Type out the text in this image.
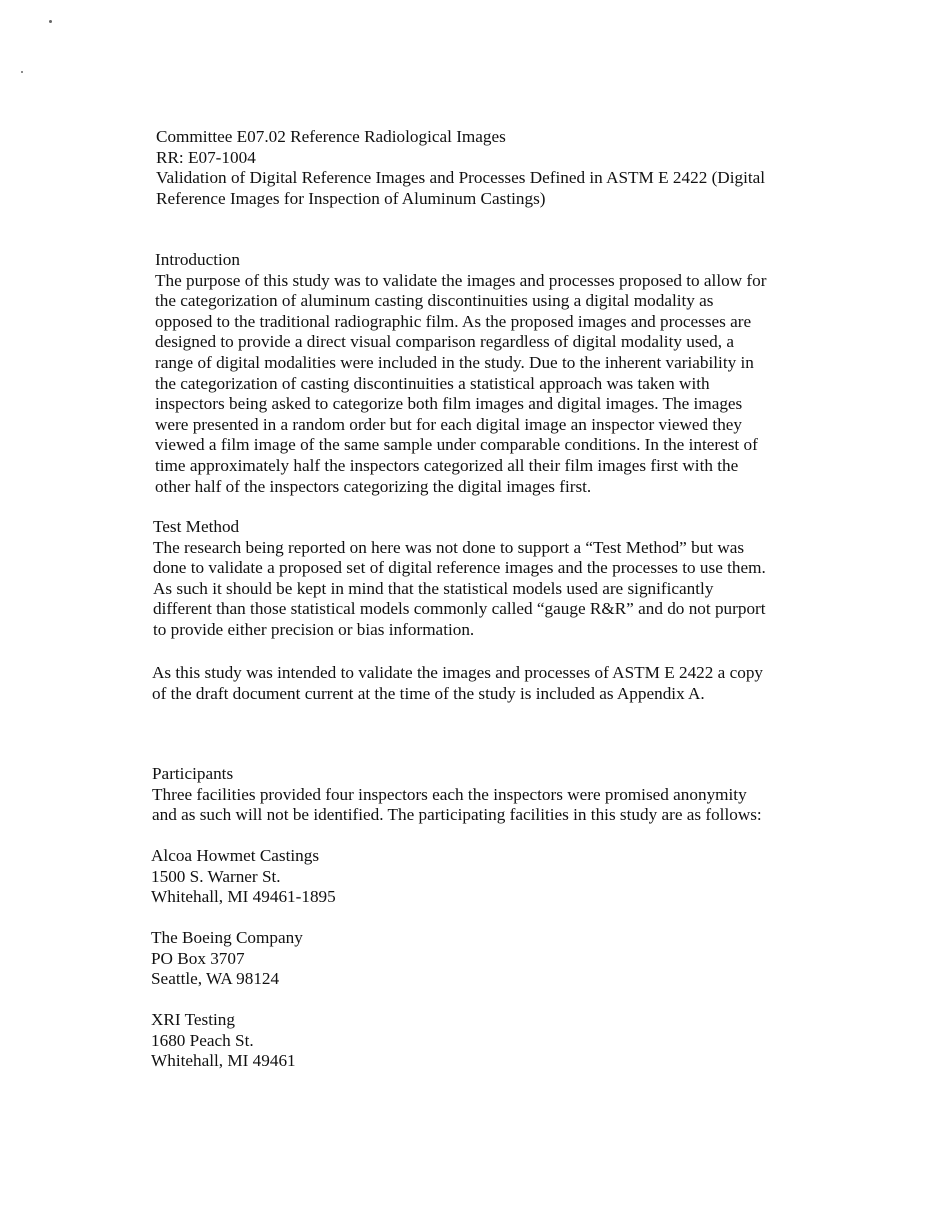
Committee E07.02 Reference Radiological Images
RR: E07-1004
Validation of Digital Reference Images and Processes Defined in ASTM E 2422 (Digital
Reference Images for Inspection of Aluminum Castings)
Introduction
The purpose of this study was to validate the images and processes proposed to allow for
the categorization of aluminum casting discontinuities using a digital modality as
opposed to the traditional radiographic film. As the proposed images and processes are
designed to provide a direct visual comparison regardless of digital modality used, a
range of digital modalities were included in the study. Due to the inherent variability in
the categorization of casting discontinuities a statistical approach was taken with
inspectors being asked to categorize both film images and digital images. The images
were presented in a random order but for each digital image an inspector viewed they
viewed a film image of the same sample under comparable conditions. In the interest of
time approximately half the inspectors categorized all their film images first with the
other half of the inspectors categorizing the digital images first.
Test Method
The research being reported on here was not done to support a “Test Method” but was
done to validate a proposed set of digital reference images and the processes to use them.
As such it should be kept in mind that the statistical models used are significantly
different than those statistical models commonly called “gauge R&R” and do not purport
to provide either precision or bias information.
As this study was intended to validate the images and processes of ASTM E 2422 a copy
of the draft document current at the time of the study is included as Appendix A.
Participants
Three facilities provided four inspectors each the inspectors were promised anonymity
and as such will not be identified. The participating facilities in this study are as follows:
Alcoa Howmet Castings
1500 S. Warner St.
Whitehall, MI 49461-1895
The Boeing Company
PO Box 3707
Seattle, WA 98124
XRI Testing
1680 Peach St.
Whitehall, MI 49461
